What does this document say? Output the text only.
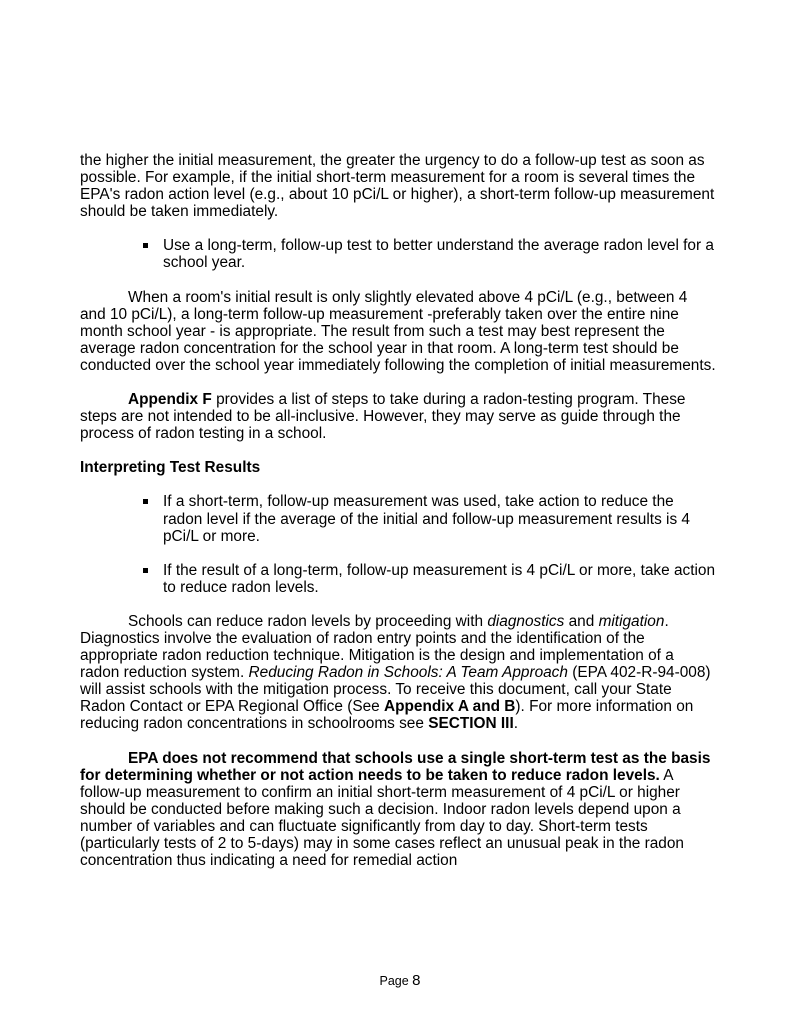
the higher the initial measurement, the greater the urgency to do a follow-up test as soon as possible. For example, if the initial short-term measurement for a room is several times the EPA's radon action level (e.g., about 10 pCi/L or higher), a short-term follow-up measurement should be taken immediately.

Use a long-term, follow-up test to better understand the average radon level for a school year.

When a room's initial result is only slightly elevated above 4 pCi/L (e.g., between 4 and 10 pCi/L), a long-term follow-up measurement -preferably taken over the entire nine month school year - is appropriate. The result from such a test may best represent the average radon concentration for the school year in that room. A long-term test should be conducted over the school year immediately following the completion of initial measurements.

Appendix F provides a list of steps to take during a radon-testing program. These steps are not intended to be all-inclusive. However, they may serve as guide through the process of radon testing in a school.

Interpreting Test Results

If a short-term, follow-up measurement was used, take action to reduce the radon level if the average of the initial and follow-up measurement results is 4 pCi/L or more.

If the result of a long-term, follow-up measurement is 4 pCi/L or more, take action to reduce radon levels.

Schools can reduce radon levels by proceeding with diagnostics and mitigation. Diagnostics involve the evaluation of radon entry points and the identification of the appropriate radon reduction technique. Mitigation is the design and implementation of a radon reduction system. Reducing Radon in Schools: A Team Approach (EPA 402-R-94-008) will assist schools with the mitigation process. To receive this document, call your State Radon Contact or EPA Regional Office (See Appendix A and B). For more information on reducing radon concentrations in schoolrooms see SECTION III.

EPA does not recommend that schools use a single short-term test as the basis for determining whether or not action needs to be taken to reduce radon levels. A follow-up measurement to confirm an initial short-term measurement of 4 pCi/L or higher should be conducted before making such a decision. Indoor radon levels depend upon a number of variables and can fluctuate significantly from day to day. Short-term tests (particularly tests of 2 to 5-days) may in some cases reflect an unusual peak in the radon concentration thus indicating a need for remedial action

Page 8
